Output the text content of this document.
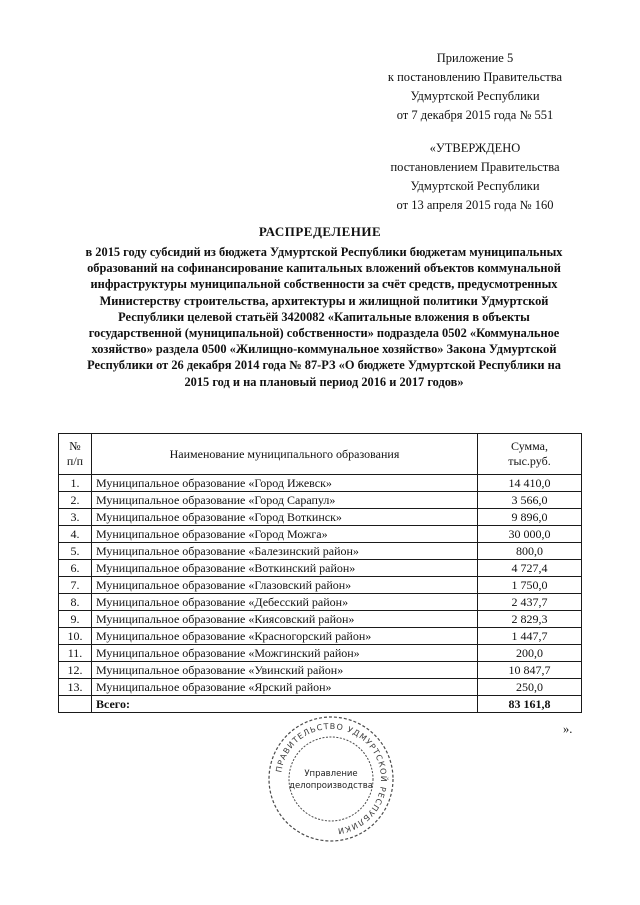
Приложение 5
к постановлению Правительства
Удмуртской Республики
от 7 декабря 2015 года № 551
«УТВЕРЖДЕНО
постановлением Правительства
Удмуртской Республики
от 13 апреля 2015 года № 160
РАСПРЕДЕЛЕНИЕ
в 2015 году субсидий из бюджета Удмуртской Республики бюджетам муниципальных
образований на софинансирование капитальных вложений объектов коммунальной
инфраструктуры муниципальной собственности за счёт средств, предусмотренных
Министерству строительства, архитектуры и жилищной политики Удмуртской
Республики целевой статьёй 3420082 «Капитальные вложения в объекты
государственной (муниципальной) собственности» подраздела 0502 «Коммунальное
хозяйство» раздела 0500 «Жилищно-коммунальное хозяйство» Закона Удмуртской
Республики от 26 декабря 2014 года № 87-РЗ «О бюджете Удмуртской Республики на
2015 год и на плановый период 2016 и 2017 годов»
№
п/п	Наименование муниципального образования	Сумма,
тыс.руб.
1.	Муниципальное образование «Город Ижевск»	14 410,0
2.	Муниципальное образование «Город Сарапул»	3 566,0
3.	Муниципальное образование «Город Воткинск»	9 896,0
4.	Муниципальное образование «Город Можга»	30 000,0
5.	Муниципальное образование «Балезинский район»	800,0
6.	Муниципальное образование «Воткинский район»	4 727,4
7.	Муниципальное образование «Глазовский район»	1 750,0
8.	Муниципальное образование «Дебесский район»	2 437,7
9.	Муниципальное образование «Киясовский район»	2 829,3
10.	Муниципальное образование «Красногорский район»	1 447,7
11.	Муниципальное образование «Можгинский район»	200,0
12.	Муниципальное образование «Увинский район»	10 847,7
13.	Муниципальное образование «Ярский район»	250,0
	Всего:	83 161,8
».
ПРАВИТЕЛЬСТВО УДМУРТСКОЙ РЕСПУБЛИКИ
Управление
делопроизводства
